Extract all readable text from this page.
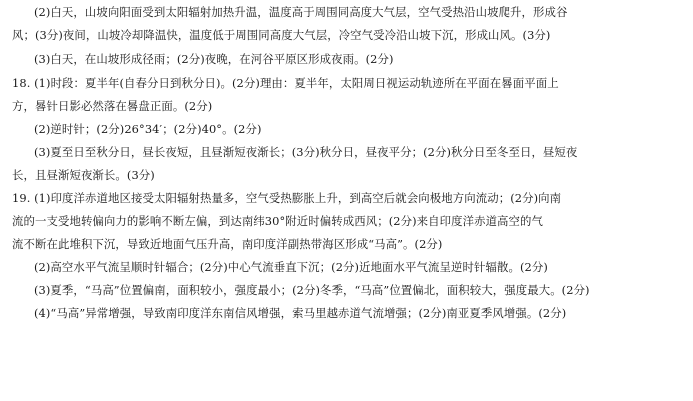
(2)白天，山坡向阳面受到太阳辐射加热升温，温度高于周围同高度大气层，空气受热沿山坡爬升，形成谷
风；(3分)夜间，山坡冷却降温快，温度低于周围同高度大气层，冷空气受冷沿山坡下沉，形成山风。(3分)
(3)白天，在山坡形成径雨；(2分)夜晚，在河谷平原区形成夜雨。(2分)
18. (1)时段：夏半年(自春分日到秋分日)。(2分)理由：夏半年，太阳周日视运动轨迹所在平面在晷面平面上
方，晷针日影必然落在晷盘正面。(2分)
(2)逆时针；(2分)26°34′；(2分)40°。(2分)
(3)夏至日至秋分日，昼长夜短，且昼渐短夜渐长；(3分)秋分日，昼夜平分；(2分)秋分日至冬至日，昼短夜
长，且昼渐短夜渐长。(3分)
19. (1)印度洋赤道地区接受太阳辐射热量多，空气受热膨胀上升，到高空后就会向极地方向流动；(2分)向南
流的一支受地转偏向力的影响不断左偏，到达南纬30°附近时偏转成西风；(2分)来自印度洋赤道高空的气
流不断在此堆积下沉，导致近地面气压升高，南印度洋副热带海区形成“马高”。(2分)
(2)高空水平气流呈顺时针辐合；(2分)中心气流垂直下沉；(2分)近地面水平气流呈逆时针辐散。(2分)
(3)夏季，“马高”位置偏南，面积较小，强度最小；(2分)冬季，“马高”位置偏北，面积较大，强度最大。(2分)
(4)“马高”异常增强，导致南印度洋东南信风增强，索马里越赤道气流增强；(2分)南亚夏季风增强。(2分)
